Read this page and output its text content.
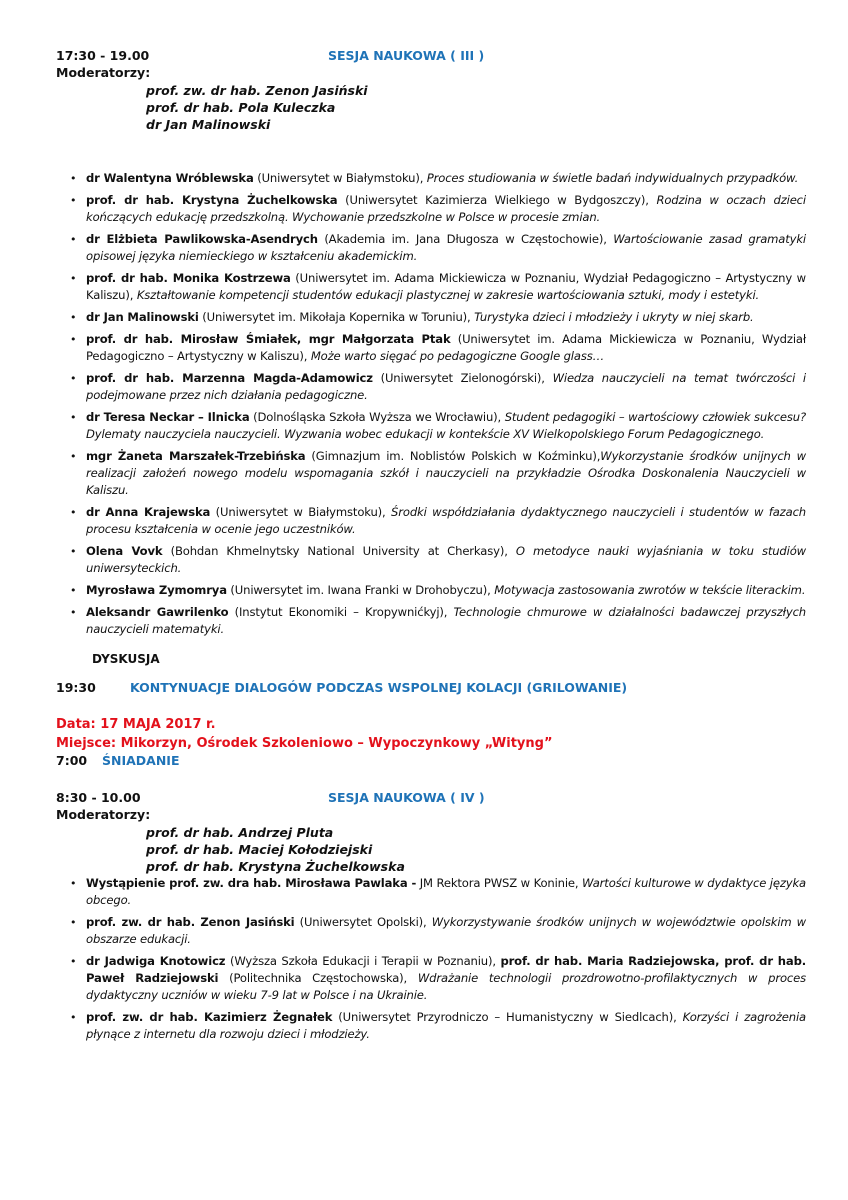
17:30 - 19.00	SESJA NAUKOWA ( III )
Moderatorzy:
prof. zw. dr hab. Zenon Jasiński
prof. dr hab. Pola Kuleczka
dr Jan Malinowski
• dr Walentyna Wróblewska (Uniwersytet w Białymstoku), Proces studiowania w świetle badań indywidualnych przypadków.
• prof. dr hab. Krystyna Żuchelkowska (Uniwersytet Kazimierza Wielkiego w Bydgoszczy), Rodzina w oczach dzieci kończących edukację przedszkolną. Wychowanie przedszkolne w Polsce w procesie zmian.
• dr Elżbieta Pawlikowska-Asendrych (Akademia im. Jana Długosza w Częstochowie), Wartościowanie zasad gramatyki opisowej języka niemieckiego w kształceniu akademickim.
• prof. dr hab. Monika Kostrzewa (Uniwersytet im. Adama Mickiewicza w Poznaniu, Wydział Pedagogiczno – Artystyczny w Kaliszu), Kształtowanie kompetencji studentów edukacji plastycznej w zakresie wartościowania sztuki, mody i estetyki.
• dr Jan Malinowski (Uniwersytet im. Mikołaja Kopernika w Toruniu), Turystyka dzieci i młodzieży i ukryty w niej skarb.
• prof. dr hab. Mirosław Śmiałek, mgr Małgorzata Ptak (Uniwersytet im. Adama Mickiewicza w Poznaniu, Wydział Pedagogiczno – Artystyczny w Kaliszu), Może warto sięgać po pedagogiczne Google glass…
• prof. dr hab. Marzenna Magda-Adamowicz (Uniwersytet Zielonogórski), Wiedza nauczycieli na temat twórczości i podejmowane przez nich działania pedagogiczne.
• dr Teresa Neckar – Ilnicka (Dolnośląska Szkoła Wyższa we Wrocławiu), Student pedagogiki – wartościowy człowiek sukcesu? Dylematy nauczyciela nauczycieli. Wyzwania wobec edukacji w kontekście XV Wielkopolskiego Forum Pedagogicznego.
• mgr Żaneta Marszałek-Trzebińska (Gimnazjum im. Noblistów Polskich w Koźminku),Wykorzystanie środków unijnych w realizacji założeń nowego modelu wspomagania szkół i nauczycieli na przykładzie Ośrodka Doskonalenia Nauczycieli w Kaliszu.
• dr Anna Krajewska (Uniwersytet w Białymstoku), Środki współdziałania dydaktycznego nauczycieli i studentów w fazach procesu kształcenia w ocenie jego uczestników.
• Olena Vovk (Bohdan Khmelnytsky National University at Cherkasy), O metodyce nauki wyjaśniania w toku studiów uniwersyteckich.
• Myrosława Zymomrya (Uniwersytet im. Iwana Franki w Drohobyczu), Motywacja zastosowania zwrotów w tekście literackim.
• Aleksandr Gawrilenko (Instytut Ekonomiki – Kropywnićkyj), Technologie chmurowe w działalności badawczej przyszłych nauczycieli matematyki.
DYSKUSJA
19:30	KONTYNUACJE DIALOGÓW PODCZAS WSPOLNEJ KOLACJI (GRILOWANIE)
Data: 17 MAJA 2017 r.
Miejsce: Mikorzyn, Ośrodek Szkoleniowo – Wypoczynkowy „Wityng”
7:00 ŚNIADANIE
8:30 - 10.00	SESJA NAUKOWA ( IV )
Moderatorzy:
prof. dr hab. Andrzej Pluta
prof. dr hab. Maciej Kołodziejski
prof. dr hab. Krystyna Żuchelkowska
• Wystąpienie prof. zw. dra hab. Mirosława Pawlaka - JM Rektora PWSZ w Koninie, Wartości kulturowe w dydaktyce języka obcego.
• prof. zw. dr hab. Zenon Jasiński (Uniwersytet Opolski), Wykorzystywanie środków unijnych w województwie opolskim w obszarze edukacji.
• dr Jadwiga Knotowicz (Wyższa Szkoła Edukacji i Terapii w Poznaniu), prof. dr hab. Maria Radziejowska, prof. dr hab. Paweł Radziejowski (Politechnika Częstochowska), Wdrażanie technologii prozdrowotno-profilaktycznych w proces dydaktyczny uczniów w wieku 7-9 lat w Polsce i na Ukrainie.
• prof. zw. dr hab. Kazimierz Żegnałek (Uniwersytet Przyrodniczo – Humanistyczny w Siedlcach), Korzyści i zagrożenia płynące z internetu dla rozwoju dzieci i młodzieży.
